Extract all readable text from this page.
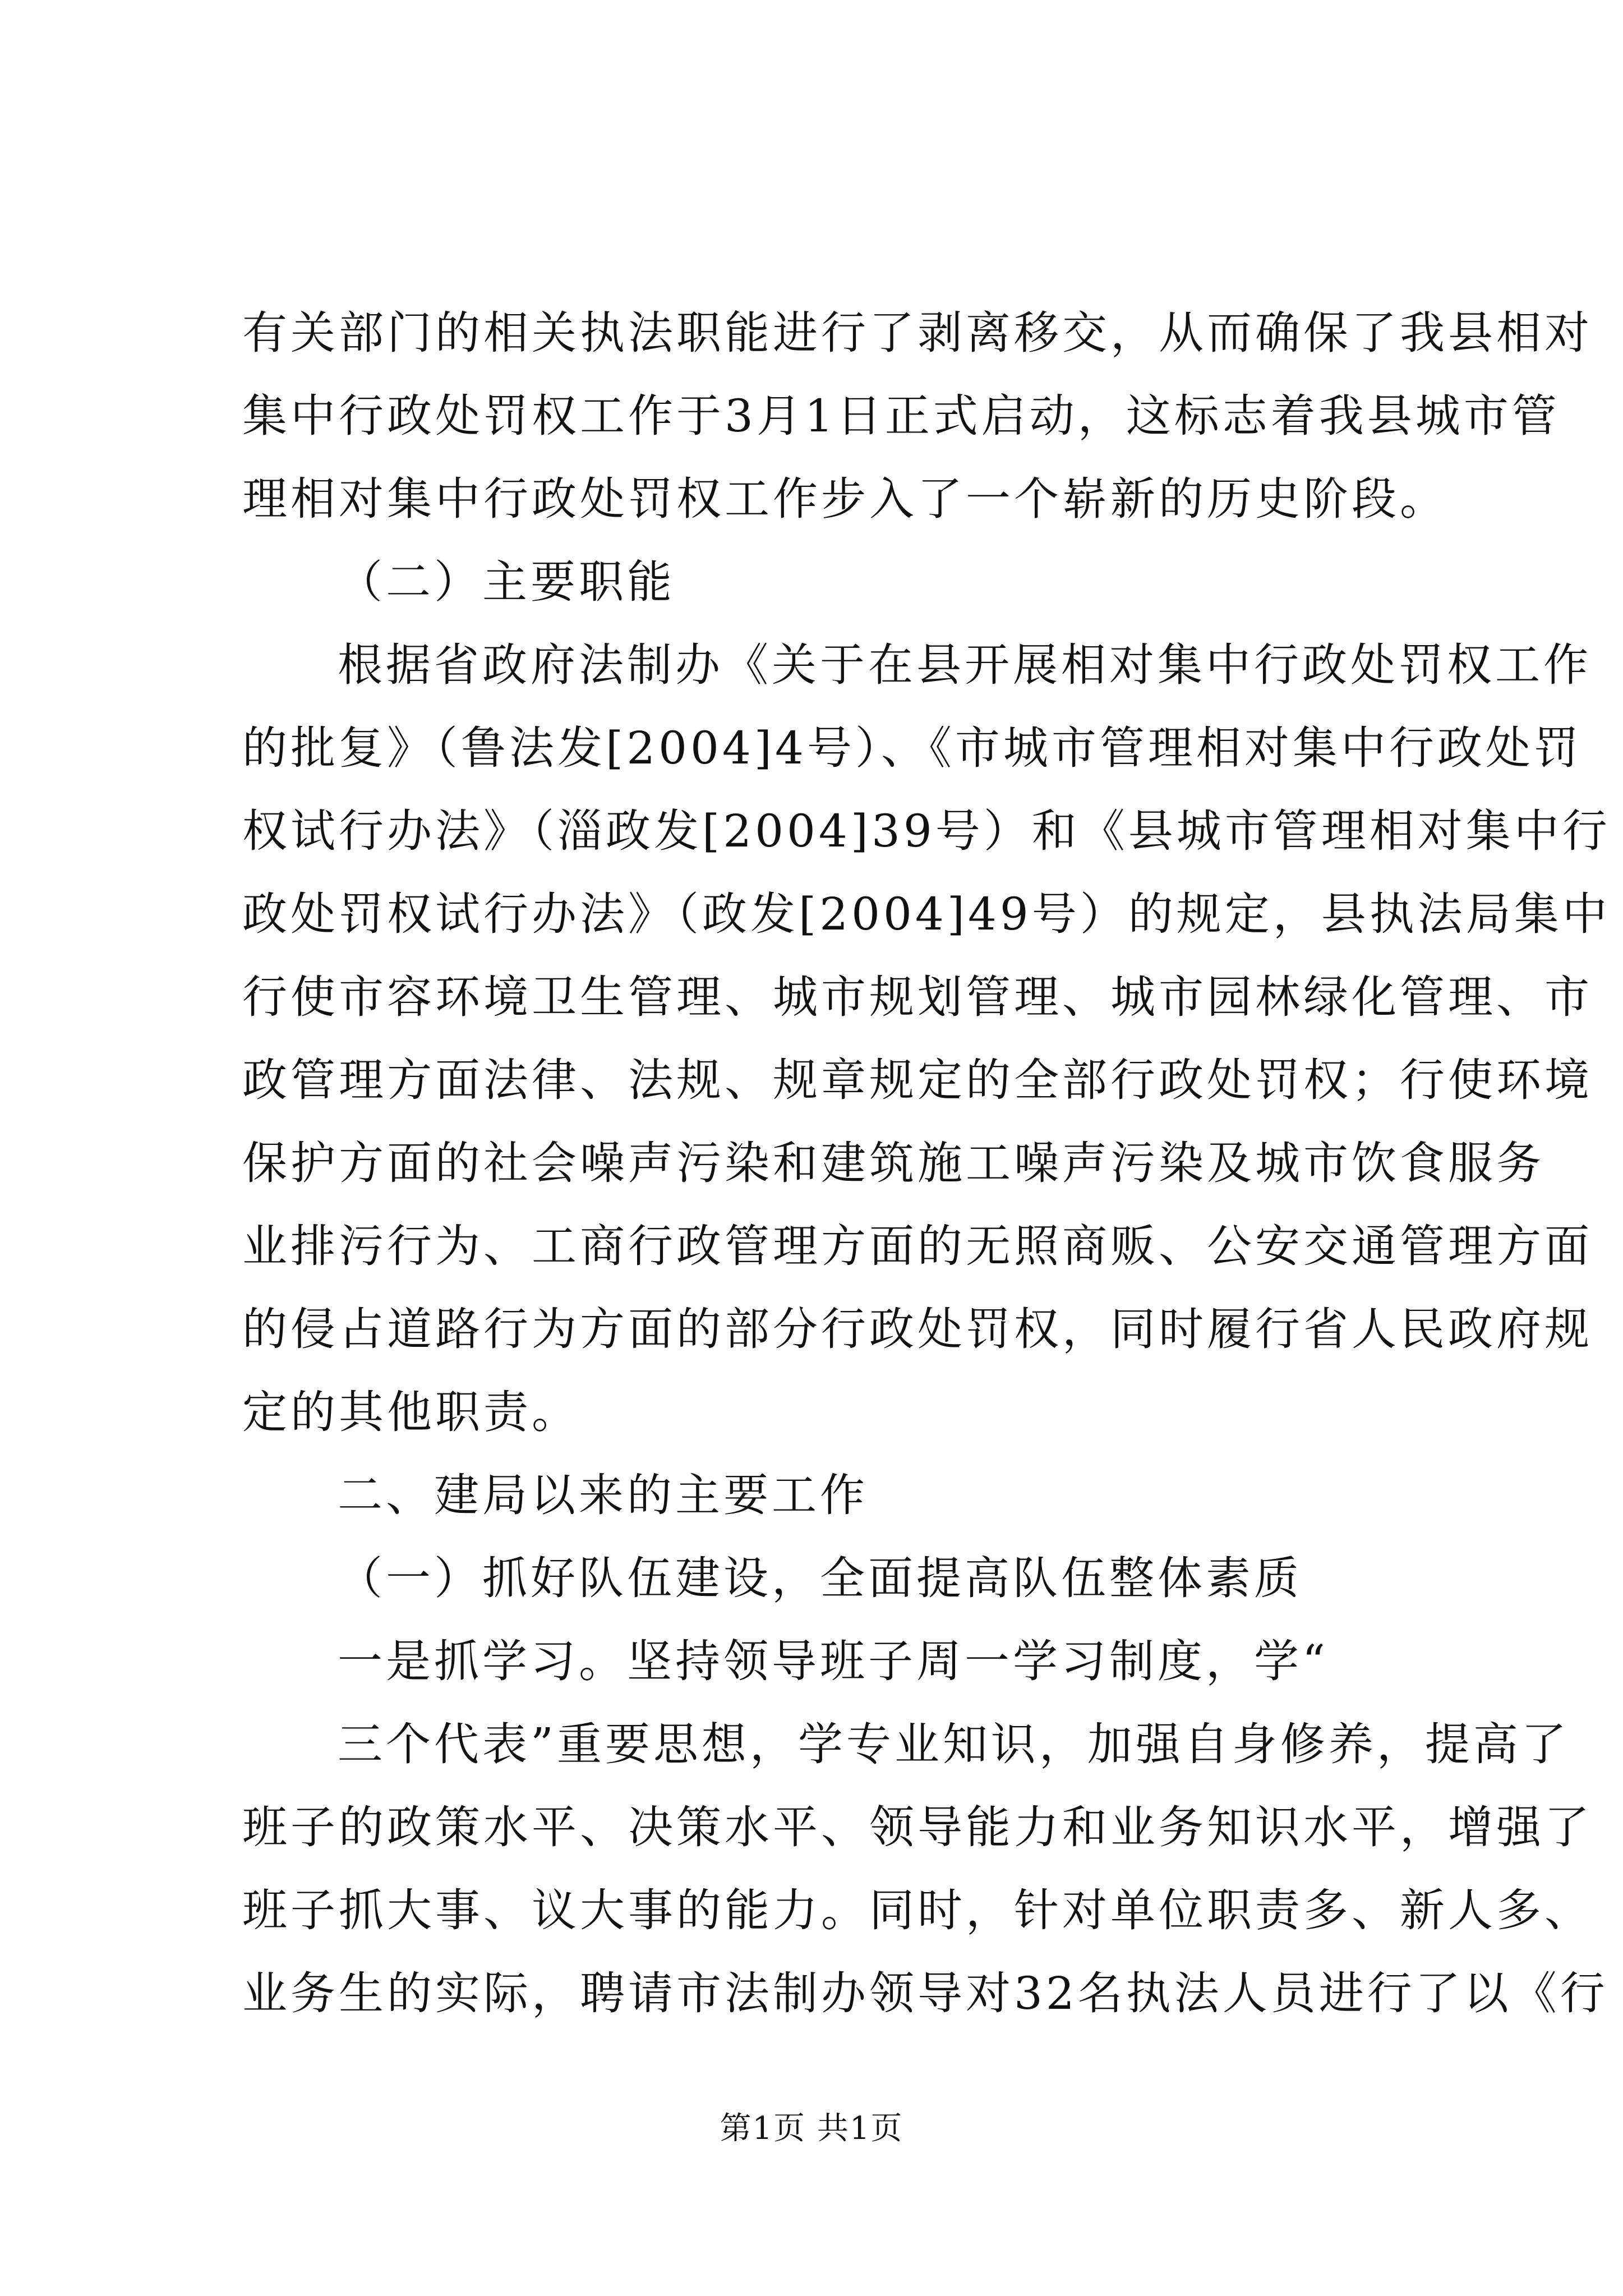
有关部门的相关执法职能进行了剥离移交，从而确保了我县相对
集中行政处罚权工作于3月1日正式启动，这标志着我县城市管
理相对集中行政处罚权工作步入了一个崭新的历史阶段。
（二）主要职能
根据省政府法制办《关于在县开展相对集中行政处罚权工作
的批复》（鲁法发[2004]4号）、《市城市管理相对集中行政处罚
权试行办法》（淄政发[2004]39号）和《县城市管理相对集中行
政处罚权试行办法》（政发[2004]49号）的规定，县执法局集中
行使市容环境卫生管理、城市规划管理、城市园林绿化管理、市
政管理方面法律、法规、规章规定的全部行政处罚权；行使环境
保护方面的社会噪声污染和建筑施工噪声污染及城市饮食服务
业排污行为、工商行政管理方面的无照商贩、公安交通管理方面
的侵占道路行为方面的部分行政处罚权，同时履行省人民政府规
定的其他职责。
二、建局以来的主要工作
（一）抓好队伍建设，全面提高队伍整体素质
一是抓学习。坚持领导班子周一学习制度，学“
三个代表”重要思想，学专业知识，加强自身修养，提高了
班子的政策水平、决策水平、领导能力和业务知识水平，增强了
班子抓大事、议大事的能力。同时，针对单位职责多、新人多、
业务生的实际，聘请市法制办领导对32名执法人员进行了以《行
第1页 共1页
